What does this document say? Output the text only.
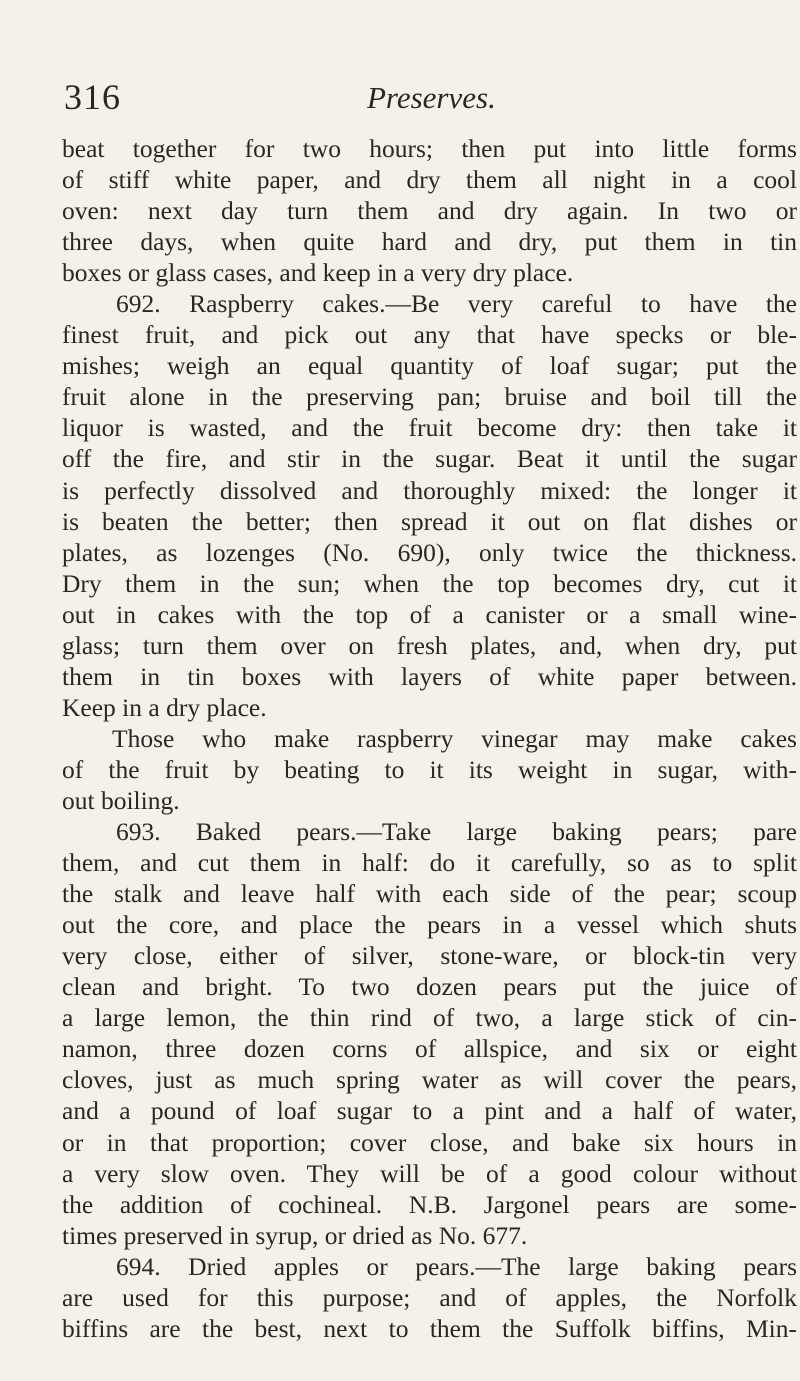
316	Preserves.
beat together for two hours; then put into little forms
of stiff white paper, and dry them all night in a cool
oven: next day turn them and dry again. In two or
three days, when quite hard and dry, put them in tin
boxes or glass cases, and keep in a very dry place.
692. Raspberry cakes.—Be very careful to have the
finest fruit, and pick out any that have specks or ble-
mishes; weigh an equal quantity of loaf sugar; put the
fruit alone in the preserving pan; bruise and boil till the
liquor is wasted, and the fruit become dry: then take it
off the fire, and stir in the sugar. Beat it until the sugar
is perfectly dissolved and thoroughly mixed: the longer it
is beaten the better; then spread it out on flat dishes or
plates, as lozenges (No. 690), only twice the thickness.
Dry them in the sun; when the top becomes dry, cut it
out in cakes with the top of a canister or a small wine-
glass; turn them over on fresh plates, and, when dry, put
them in tin boxes with layers of white paper between.
Keep in a dry place.
Those who make raspberry vinegar may make cakes
of the fruit by beating to it its weight in sugar, with-
out boiling.
693. Baked pears.—Take large baking pears; pare
them, and cut them in half: do it carefully, so as to split
the stalk and leave half with each side of the pear; scoup
out the core, and place the pears in a vessel which shuts
very close, either of silver, stone-ware, or block-tin very
clean and bright. To two dozen pears put the juice of
a large lemon, the thin rind of two, a large stick of cin-
namon, three dozen corns of allspice, and six or eight
cloves, just as much spring water as will cover the pears,
and a pound of loaf sugar to a pint and a half of water,
or in that proportion; cover close, and bake six hours in
a very slow oven. They will be of a good colour without
the addition of cochineal. N.B. Jargonel pears are some-
times preserved in syrup, or dried as No. 677.
694. Dried apples or pears.—The large baking pears
are used for this purpose; and of apples, the Norfolk
biffins are the best, next to them the Suffolk biffins, Min-
